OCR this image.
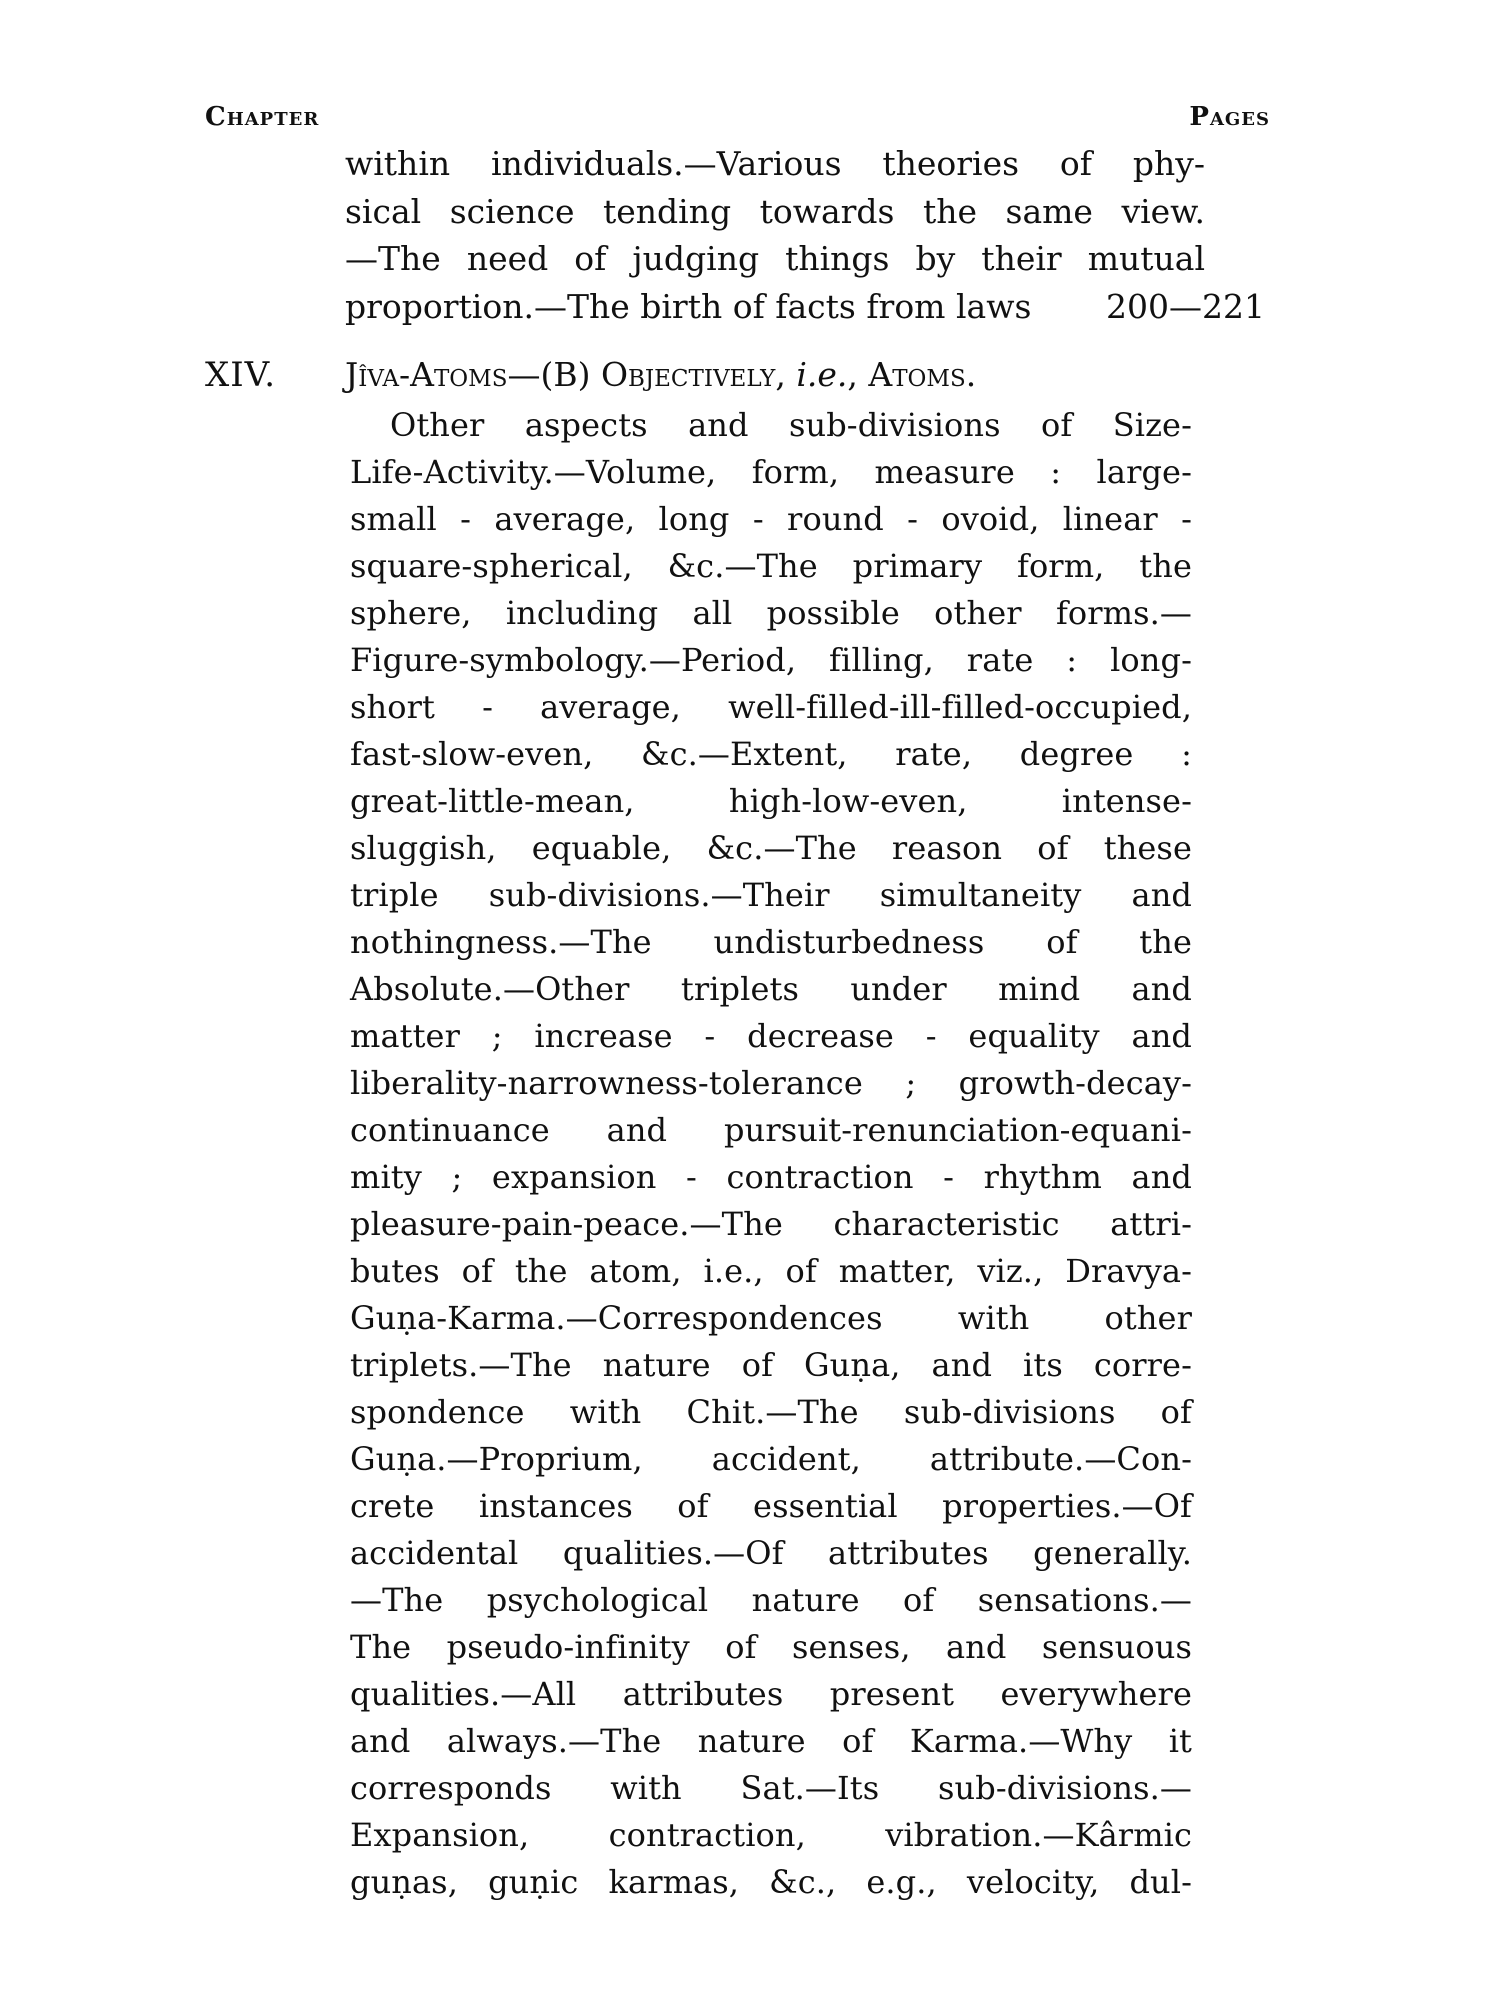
Chapter	Pages
within individuals.—Various theories of phy-
sical science tending towards the same view.
—The need of judging things by their mutual
proportion.—The birth of facts from laws 200—221
XIV. Jîva-Atoms—(B) Objectively, i.e., Atoms.
Other aspects and sub-divisions of Size-
Life-Activity.—Volume, form, measure : large-
small - average, long - round - ovoid, linear -
square-spherical, &c.—The primary form, the
sphere, including all possible other forms.—
Figure-symbology.—Period, filling, rate : long-
short - average, well-filled-ill-filled-occupied,
fast-slow-even, &c.—Extent, rate, degree :
great-little-mean, high-low-even, intense-
sluggish, equable, &c.—The reason of these
triple sub-divisions.—Their simultaneity and
nothingness.—The undisturbedness of the
Absolute.—Other triplets under mind and
matter ; increase - decrease - equality and
liberality-narrowness-tolerance ; growth-decay-
continuance and pursuit-renunciation-equani-
mity ; expansion - contraction - rhythm and
pleasure-pain-peace.—The characteristic attri-
butes of the atom, i.e., of matter, viz., Dravya-
Guṇa-Karma.—Correspondences with other
triplets.—The nature of Guṇa, and its corre-
spondence with Chit.—The sub-divisions of
Guṇa.—Proprium, accident, attribute.—Con-
crete instances of essential properties.—Of
accidental qualities.—Of attributes generally.
—The psychological nature of sensations.—
The pseudo-infinity of senses, and sensuous
qualities.—All attributes present everywhere
and always.—The nature of Karma.—Why it
corresponds with Sat.—Its sub-divisions.—
Expansion, contraction, vibration.—Kârmic
guṇas, guṇic karmas, &c., e.g., velocity, dul-
